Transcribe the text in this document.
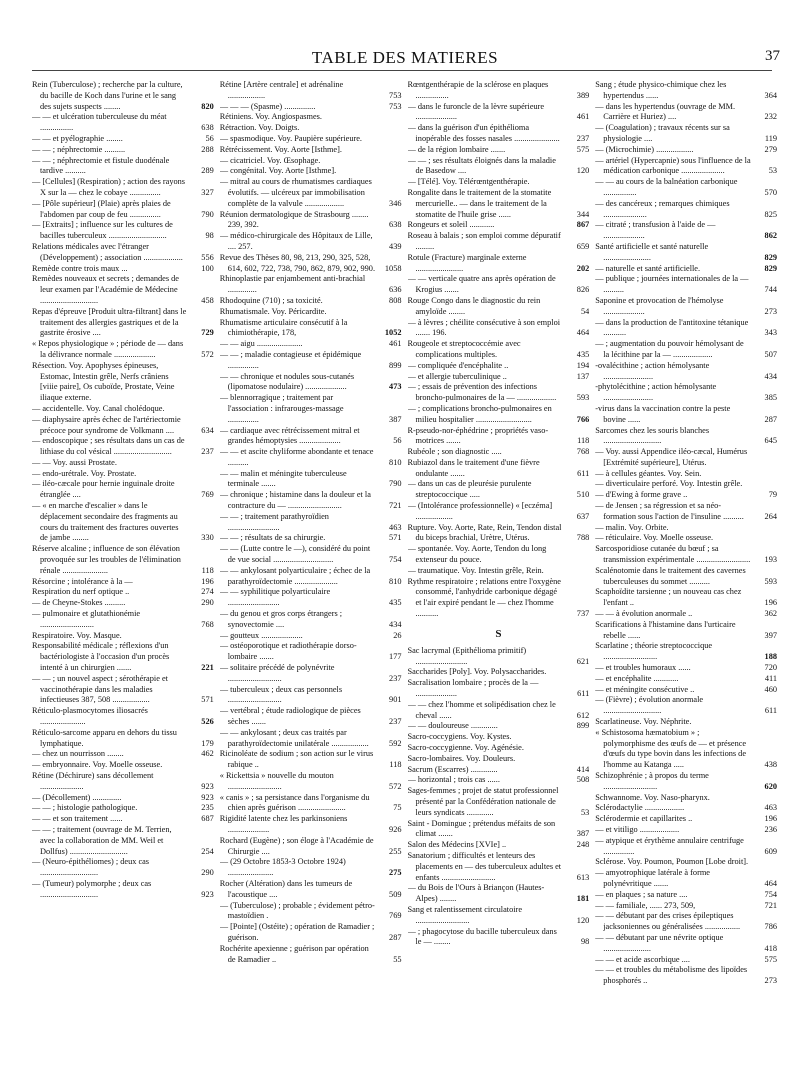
TABLE DES MATIERES	37
Rein (Tuberculose) ; recherche par la culture, du bacille de Koch dans l'urine et le sang des sujets suspects ........	820
— — et ulcération tuberculeuse du méat ................	638
— — et pyélographie ........	56
— — ; néphrectomie ..........	288
— — ; néphrectomie et fistule duodénale tardive ..........	289
— [Cellules] (Respiration) ; action des rayons X sur la — chez le cobaye ...............	327
— [Pôle supérieur] (Plaie) après plaies de l'abdomen par coup de feu ...............	790
— [Extraits] ; influence sur les cultures de bacilles tuberculeux ............................	98
Relations médicales avec l'étranger (Développement) ; association ...................	556
Remède contre trois maux ...	100
Remèdes nouveaux et secrets ; demandes de leur examen par l'Académie de Médecine ............................	458
Repas d'épreuve [Produit ultra-filtrant] dans le traitement des allergies gastriques et de la gastrite érosive ....	729
« Repos physiologique » ; période de — dans la délivrance normale ....................	572
Résection. Voy. Apophyses épineuses, Estomac, Intestin grêle, Nerfs crâniens [viiie paire], Os cuboïde, Prostate, Veine iliaque externe.
— accidentelle. Voy. Canal cholédoque.
— diaphysaire après échec de l'artériectomie précoce pour syndrome de Volkmann ....	634
— endoscopique ; ses résultats dans un cas de lithiase du col vésical ............................	237
— — Voy. aussi Prostate.
— endo-urétrale. Voy. Prostate.
— iléo-cæcale pour hernie inguinale droite étranglée ....	769
— « en marche d'escalier » dans le déplacement secondaire des fragments au cours du traitement des fractures ouvertes de jambe ........	330
Réserve alcaline ; influence de son élévation provoquée sur les troubles de l'élimination rénale ......................	118
Résorcine ; intolérance à la —	196
Respiration du nerf optique ..	274
— de Cheyne-Stokes ..........	290
— pulmonaire et glutathionémie ..........................	768
Respiratoire. Voy. Masque.
Responsabilité médicale ; réflexions d'un bactériologiste à l'occasion d'un procès intenté à un chirurgien .......	221
— — ; un nouvel aspect ; sérothérapie et vaccinothérapie dans les maladies infectieuses 387, 508 ..................	571
Réticulo-plasmocytomes iliosacrés ......................	526
Réticulo-sarcome apparu en dehors du tissu lymphatique.	179
— chez un nourrisson ........	462
— embryonnaire. Voy. Moelle osseuse.
Rétine (Déchirure) sans décollement .....................	923
— (Décollement) ..............	923
— — ; histologie pathologique.	235
— — et son traitement ......	687
— — ; traitement (ouvrage de M. Terrien, avec la collaboration de MM. Weil et Dollfus) ............................	254
— (Neuro-épithéliomes) ; deux cas ............................	290
— (Tumeur) polymorphe ; deux cas ............................	923
Rétine [Artère centrale] et adrénaline ..................	753
— — — (Spasme) ...............	753
Rétiniens. Voy. Angiospasmes.
Rétraction. Voy. Doigts.
— spasmodique. Voy. Paupière supérieure.
Rétrécissement. Voy. Aorte [Isthme].
— cicatriciel. Voy. Œsophage.
— congénital. Voy. Aorte [Isthme].
— mitral au cours de rhumatismes cardiaques évolutifs. — ulcéreux par immobilisation complète de la valvule ...................	346
Réunion dermatologique de Strasbourg ........ 239, 392.	638
— médico-chirurgicale des Hôpitaux de Lille, .... 257.	439
Revue des Thèses 80, 98, 213, 290, 325, 528, 614, 602, 722, 738, 790, 862, 879, 902, 990.	1058
Rhinoplastie par enjambement anti-brachial ..............	636
Rhodoquine (710) ; sa toxicité.	808
Rhumatismale. Voy. Péricardite.
Rhumatisme articulaire consécutif à la chimiothérapie, 178,	1052
— — aigu ......................	461
— — ; maladie contagieuse et épidémique ...............	899
— — chronique et nodules sous-cutanés (lipomatose nodulaire) ....................	473
— blennorragique ; traitement par l'association : infrarouges-massage ...............	387
— cardiaque avec rétrécissement mitral et grandes hémoptysies ....................	56
— — et ascite chyliforme abondante et tenace ..........	810
— — malin et méningite tuberculeuse terminale .......	790
— chronique ; histamine dans la douleur et la contracture du — ..........................	721
— — ; traitement parathyroïdien .........................	463
— — ; résultats de sa chirurgie.	571
— — (Lutte contre le —), considéré du point de vue social .............................	754
— — ankylosant polyarticulaire ; échec de la parathyroïdectomie .....................	810
— — syphilitique polyarticulaire .........................	435
— du genou et gros corps étrangers ; synovectomie ....	434
— goutteux ....................	26
— ostéoporotique et radiothérapie dorso-lombaire .......	177
— solitaire précédé de polynévrite ..........................	237
— tuberculeux ; deux cas personnels ..........................	901
— vertébral ; étude radiologique de pièces sèches .......	237
— — ankylosant ; deux cas traités par parathyroïdectomie unilatérale ..................	592
Ricinoléate de sodium ; son action sur le virus rabique ..	118
« Rickettsia » nouvelle du mouton ..........................	572
« canis » ; sa persistance dans l'organisme du chien après guérison .......................	75
Rigidité latente chez les parkinsoniens ....................	926
Rochard (Eugène) ; son éloge à l'Académie de Chirurgie ....	255
— (29 Octobre 1853-3 Octobre 1924) ......................	275
Rocher (Altération) dans les tumeurs de l'acoustique ....	509
— (Tuberculose) ; probable ; évidement pétro-mastoïdien .	769
— [Pointe] (Ostéite) ; opération de Ramadier ; guérison.	287
Rochérite apexienne ; guérison par opération de Ramadier ..	55
Rœntgenthérapie de la sclérose en plaques ................	389
— dans le furoncle de la lèvre supérieure ....................	461
— dans la guérison d'un épithélioma inopérable des fosses nasales ......................	237
— de la région lombaire .......	575
— — ; ses résultats éloignés dans la maladie de Basedow ....	120
— [Télé]. Voy. Télérœntgenthérapie.
Rongalite dans le traitement de la stomatite mercurielle.. — dans le traitement de la stomatite de l'huile grise ......	344
Rongeurs et soleil ............	867
Roseau à balais ; son emploi comme dépuratif .........	659
Rotule (Fracture) marginale externe .......................	202
— — verticale quatre ans après opération de Krogius .......	826
Rouge Congo dans le diagnostic du rein amyloïde ........	54
— à lèvres ; chéilite consécutive à son emploi ....... 196.	464
Rougeole et streptococcémie avec complications multiples.	435
— compliquée d'encéphalite ..	194
— et allergie tuberculinique ..	137
— ; essais de prévention des infections broncho-pulmonaires de la — ...................	593
— ; complications broncho-pulmonaires en milieu hospitalier ...........................	766
R-pseudo-nor-éphédrine ; propriétés vaso-motrices .......	118
Rubéole ; son diagnostic .....	768
Rubiazol dans le traitement d'une fièvre ondulante .......	611
— dans un cas de pleurésie purulente streptococcique .....	510
— (Intolérance professionnelle) « [eczéma] ..................	637
Rupture. Voy. Aorte, Rate, Rein, Tendon distal du biceps brachial, Urètre, Utérus.	788
— spontanée. Voy. Aorte, Tendon du long extenseur du pouce.
— traumatique. Voy. Intestin grêle, Rein.
Rythme respiratoire ; relations entre l'oxygène consommé, l'anhydride carbonique dégagé et l'air expiré pendant le — chez l'homme ...........	737
S
Sac lacrymal (Epithélioma primitif) .........................	621
Saccharides [Poly]. Voy. Polysaccharides.
Sacralisation lombaire ; procès de la — ....................	611
— — chez l'homme et solipédisation chez le cheval ......	612
— — douloureuse .............	899
Sacro-coccygiens. Voy. Kystes.
Sacro-coccygienne. Voy. Agénésie.
Sacro-lombaires. Voy. Douleurs.
Sacrum (Escarres) .............	414
— horizontal ; trois cas ......	508
Sages-femmes ; projet de statut professionnel présenté par la Confédération nationale de leurs syndicats .............	53
Saint - Domingue ; prétendus méfaits de son climat .......	387
Salon des Médecins [XVIe] ..	248
Sanatorium ; difficultés et lenteurs des placements en — des tuberculeux adultes et enfants ..........................	613
— du Bois de l'Ours à Briançon (Hautes-Alpes) ........	181
Sang et ralentissement circulatoire ..........................	120
— ; phagocytose du bacille tuberculeux dans le — ........	98
Sang ; étude physico-chimique chez les hypertendus ......	364
— dans les hypertendus (ouvrage de MM. Carrière et Huriez) ....	232
— (Coagulation) ; travaux récents sur sa physiologie ....	119
— (Microchimie) ..................	279
— artériel (Hypercapnie) sous l'influence de la médication carbonique .....................	53
— — au cours de la balnéation carbonique ................	570
— des cancéreux ; remarques chimiques .....................	825
— citraté ; transfusion à l'aide de — ....................	862
Santé artificielle et santé naturelle .......................	829
— naturelle et santé artificielle.	829
— publique ; journées internationales de la — ..........	744
Saponine et provocation de l'hémolyse ....................	273
— dans la production de l'antitoxine tétanique ...........	343
— ; augmentation du pouvoir hémolysant de la lécithine par la — ...................	507
-ovalécithine ; action hémolysante ........................	434
-phytolécithine ; action hémolysante ........................	385
-virus dans la vaccination contre la peste bovine ......	287
Sarcomes chez les souris blanches ............................	645
— Voy. aussi Appendice iléo-cæcal, Humérus [Extrémité supérieure], Utérus.
— à cellules géantes. Voy. Sein.
— diverticulaire perforé. Voy. Intestin grêle.
— d'Ewing à forme grave ..	79
— de Jensen ; sa régression et sa néo-formation sous l'action de l'insuline ..........	264
— malin. Voy. Orbite.
— réticulaire. Voy. Moelle osseuse.
Sarcosporidiose cutanée du bœuf ; sa transmission expérimentale ..........................	193
Scalénotomie dans le traitement des cavernes tuberculeuses du sommet ..........	593
Scaphoïdite tarsienne ; un nouveau cas chez l'enfant ..	196
— — à évolution anormale ..	362
Scarifications à l'histamine dans l'urticaire rebelle ......	397
Scarlatine ; théorie streptococcique ..........................	188
— et troubles humoraux ......	720
— et encéphalite ............	411
— et méningite consécutive ..	460
— (Fièvre) ; évolution anormale ............................	611
Scarlatineuse. Voy. Néphrite.
« Schistosoma hæmatobium » ; polymorphisme des œufs de — et présence d'œufs du type bovin dans les infections de l'homme au Katanga .....	438
Schizophrénie ; à propos du terme ..........................	620
Schwannome. Voy. Naso-pharynx.
Sclérodactylie ...................	463
Sclérodermie et capillarites ..	196
— et vitiligo ...................	236
— atypique et érythème annulaire centrifuge ...............	609
Sclérose. Voy. Poumon, Poumon [Lobe droit].
— amyotrophique latérale à forme polynévritique .......	464
— en plaques ; sa nature ....	754
— — familiale, ...... 273, 509,	721
— — débutant par des crises épileptiques jacksoniennes ou généralisées .................	786
— — débutant par une névrite optique .......................	418
— — et acide ascorbique ....	575
— — et troubles du métabolisme des lipoïdes phosphorés ..	273
